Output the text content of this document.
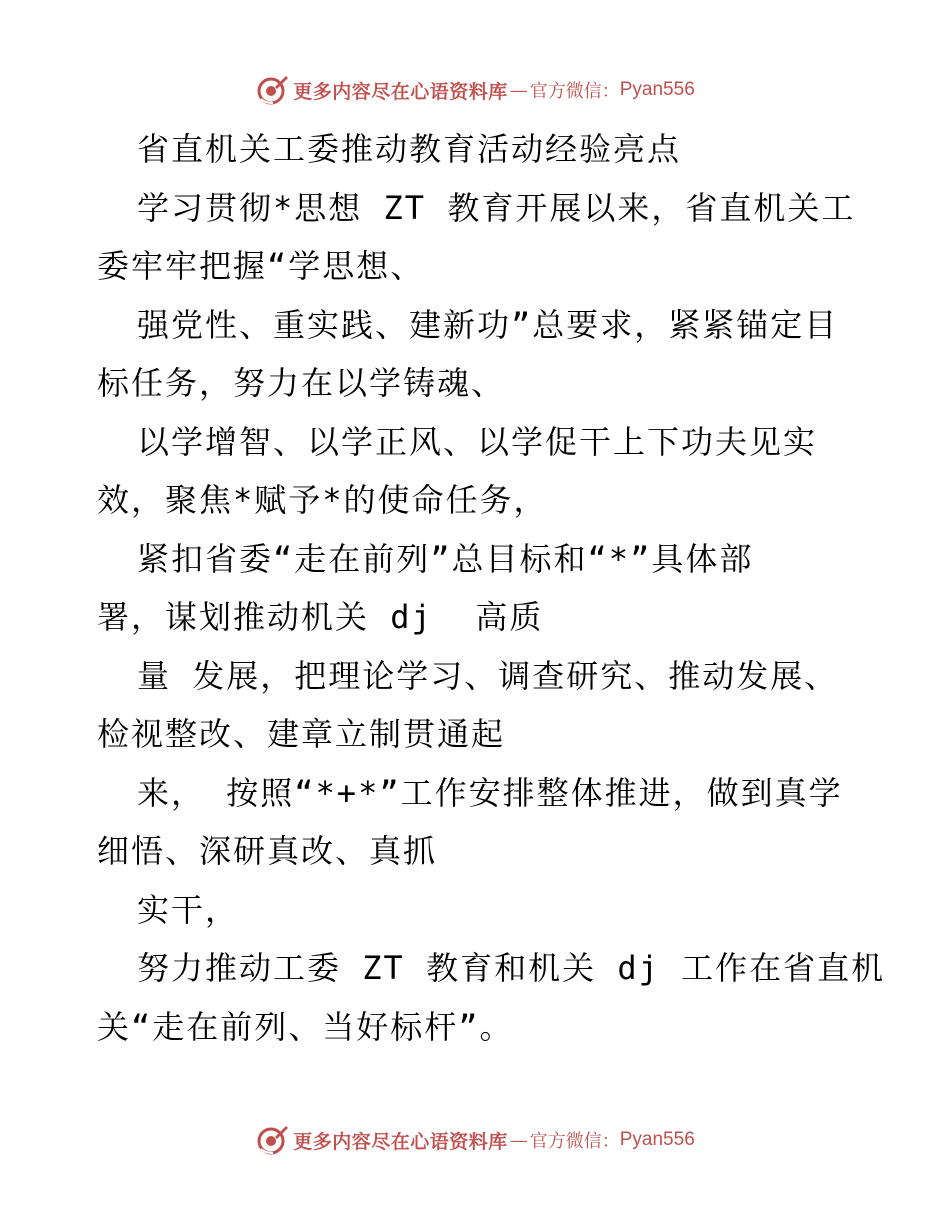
更多内容尽在心语资料库 — 官方微信： Pyan556
省直机关工委推动教育活动经验亮点
学习贯彻*思想 ZT 教育开展以来，省直机关工
委牢牢把握“学思想、
强党性、重实践、建新功”总要求，紧紧锚定目
标任务，努力在以学铸魂、
以学增智、以学正风、以学促干上下功夫见实
效，聚焦*赋予*的使命任务，
紧扣省委“走在前列”总目标和“*”具体部
署，谋划推动机关 dj  高质
量 发展，把理论学习、调查研究、推动发展、
检视整改、建章立制贯通起
来， 按照“*+*”工作安排整体推进，做到真学
细悟、深研真改、真抓
实干，
努力推动工委 ZT 教育和机关 dj 工作在省直机
关“走在前列、当好标杆”。
更多内容尽在心语资料库 — 官方微信： Pyan556
